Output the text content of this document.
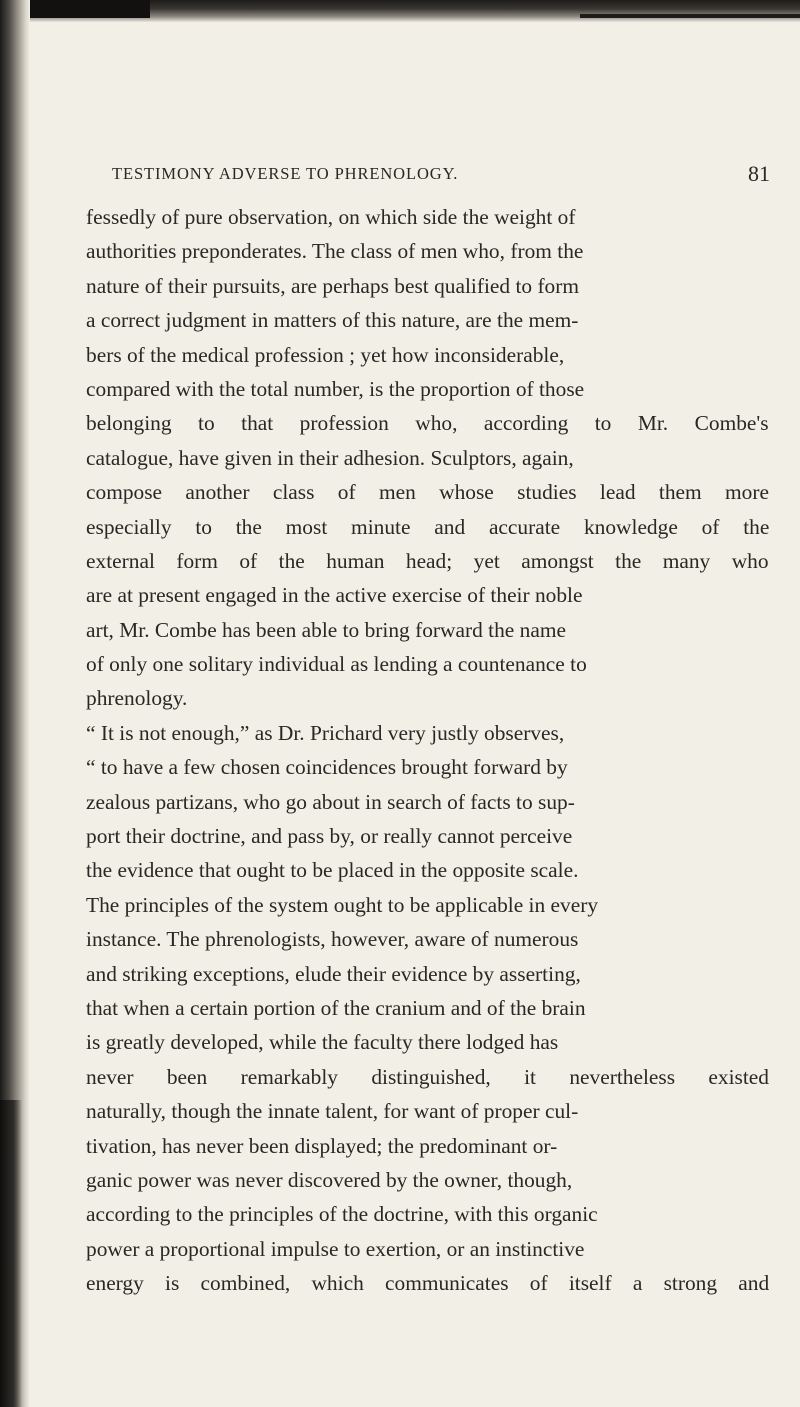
TESTIMONY ADVERSE TO PHRENOLOGY.	81
fessedly of pure observation, on which side the weight of
authorities preponderates. The class of men who, from the
nature of their pursuits, are perhaps best qualified to form
a correct judgment in matters of this nature, are the mem-
bers of the medical profession ; yet how inconsiderable,
compared with the total number, is the proportion of those
belonging to that profession who, according to Mr. Combe's
catalogue, have given in their adhesion. Sculptors, again,
compose another class of men whose studies lead them more
especially to the most minute and accurate knowledge of the
external form of the human head; yet amongst the many who
are at present engaged in the active exercise of their noble
art, Mr. Combe has been able to bring forward the name
of only one solitary individual as lending a countenance to
phrenology.
“ It is not enough,” as Dr. Prichard very justly observes,
“ to have a few chosen coincidences brought forward by
zealous partizans, who go about in search of facts to sup-
port their doctrine, and pass by, or really cannot perceive
the evidence that ought to be placed in the opposite scale.
The principles of the system ought to be applicable in every
instance. The phrenologists, however, aware of numerous
and striking exceptions, elude their evidence by asserting,
that when a certain portion of the cranium and of the brain
is greatly developed, while the faculty there lodged has
never been remarkably distinguished, it nevertheless existed
naturally, though the innate talent, for want of proper cul-
tivation, has never been displayed; the predominant or-
ganic power was never discovered by the owner, though,
according to the principles of the doctrine, with this organic
power a proportional impulse to exertion, or an instinctive
energy is combined, which communicates of itself a strong and
